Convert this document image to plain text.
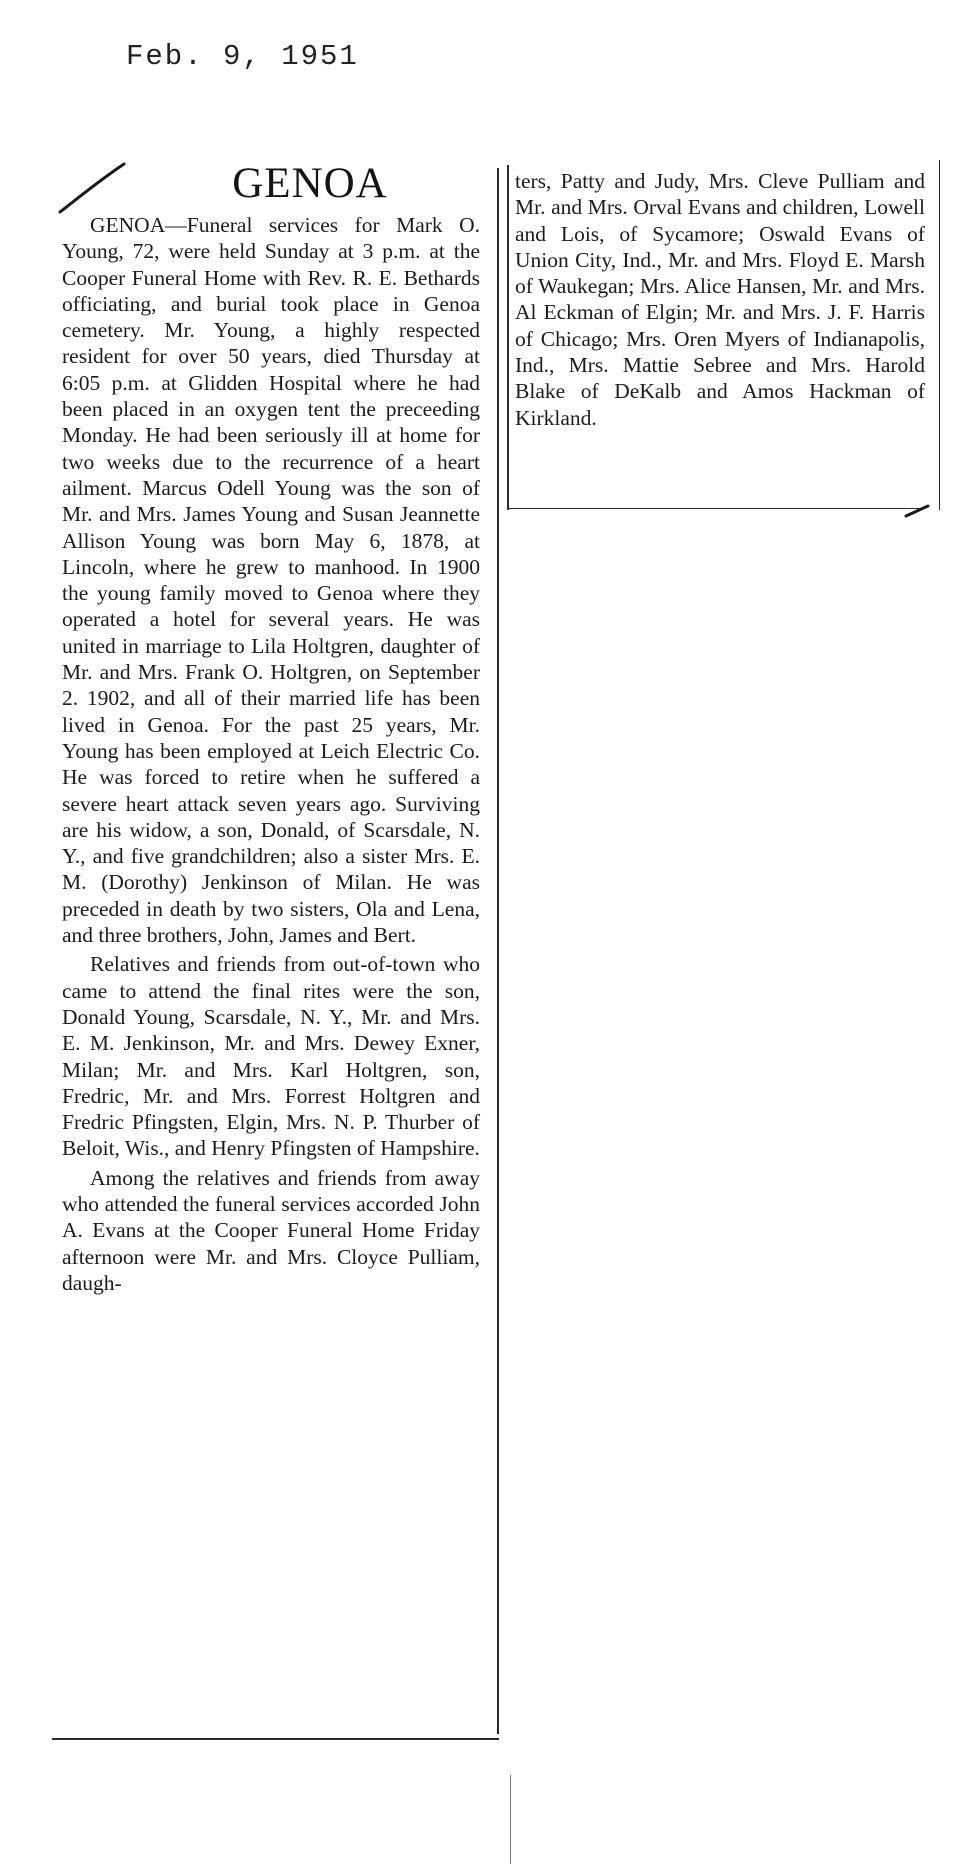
Feb. 9, 1951
GENOA

GENOA—Funeral services for Mark O. Young, 72, were held Sunday at 3 p.m. at the Cooper Funeral Home with Rev. R. E. Bethards officiating, and burial took place in Genoa cemetery. Mr. Young, a highly respected resident for over 50 years, died Thursday at 6:05 p.m. at Glidden Hospital where he had been placed in an oxygen tent the preceeding Monday. He had been seriously ill at home for two weeks due to the recurrence of a heart ailment. Marcus Odell Young was the son of Mr. and Mrs. James Young and Susan Jeannette Allison Young was born May 6, 1878, at Lincoln, where he grew to manhood. In 1900 the young family moved to Genoa where they operated a hotel for several years. He was united in marriage to Lila Holtgren, daughter of Mr. and Mrs. Frank O. Holtgren, on September 2. 1902, and all of their married life has been lived in Genoa. For the past 25 years, Mr. Young has been employed at Leich Electric Co. He was forced to retire when he suffered a severe heart attack seven years ago. Surviving are his widow, a son, Donald, of Scarsdale, N. Y., and five grandchildren; also a sister Mrs. E. M. (Dorothy) Jenkinson of Milan. He was preceded in death by two sisters, Ola and Lena, and three brothers, John, James and Bert.

Relatives and friends from out-of-town who came to attend the final rites were the son, Donald Young, Scarsdale, N. Y., Mr. and Mrs. E. M. Jenkinson, Mr. and Mrs. Dewey Exner, Milan; Mr. and Mrs. Karl Holtgren, son, Fredric, Mr. and Mrs. Forrest Holtgren and Fredric Pfingsten, Elgin, Mrs. N. P. Thurber of Beloit, Wis., and Henry Pfingsten of Hampshire.

Among the relatives and friends from away who attended the funeral services accorded John A. Evans at the Cooper Funeral Home Friday afternoon were Mr. and Mrs. Cloyce Pulliam, daugh-

ters, Patty and Judy, Mrs. Cleve Pulliam and Mr. and Mrs. Orval Evans and children, Lowell and Lois, of Sycamore; Oswald Evans of Union City, Ind., Mr. and Mrs. Floyd E. Marsh of Waukegan; Mrs. Alice Hansen, Mr. and Mrs. Al Eckman of Elgin; Mr. and Mrs. J. F. Harris of Chicago; Mrs. Oren Myers of Indianapolis, Ind., Mrs. Mattie Sebree and Mrs. Harold Blake of DeKalb and Amos Hackman of Kirkland.
